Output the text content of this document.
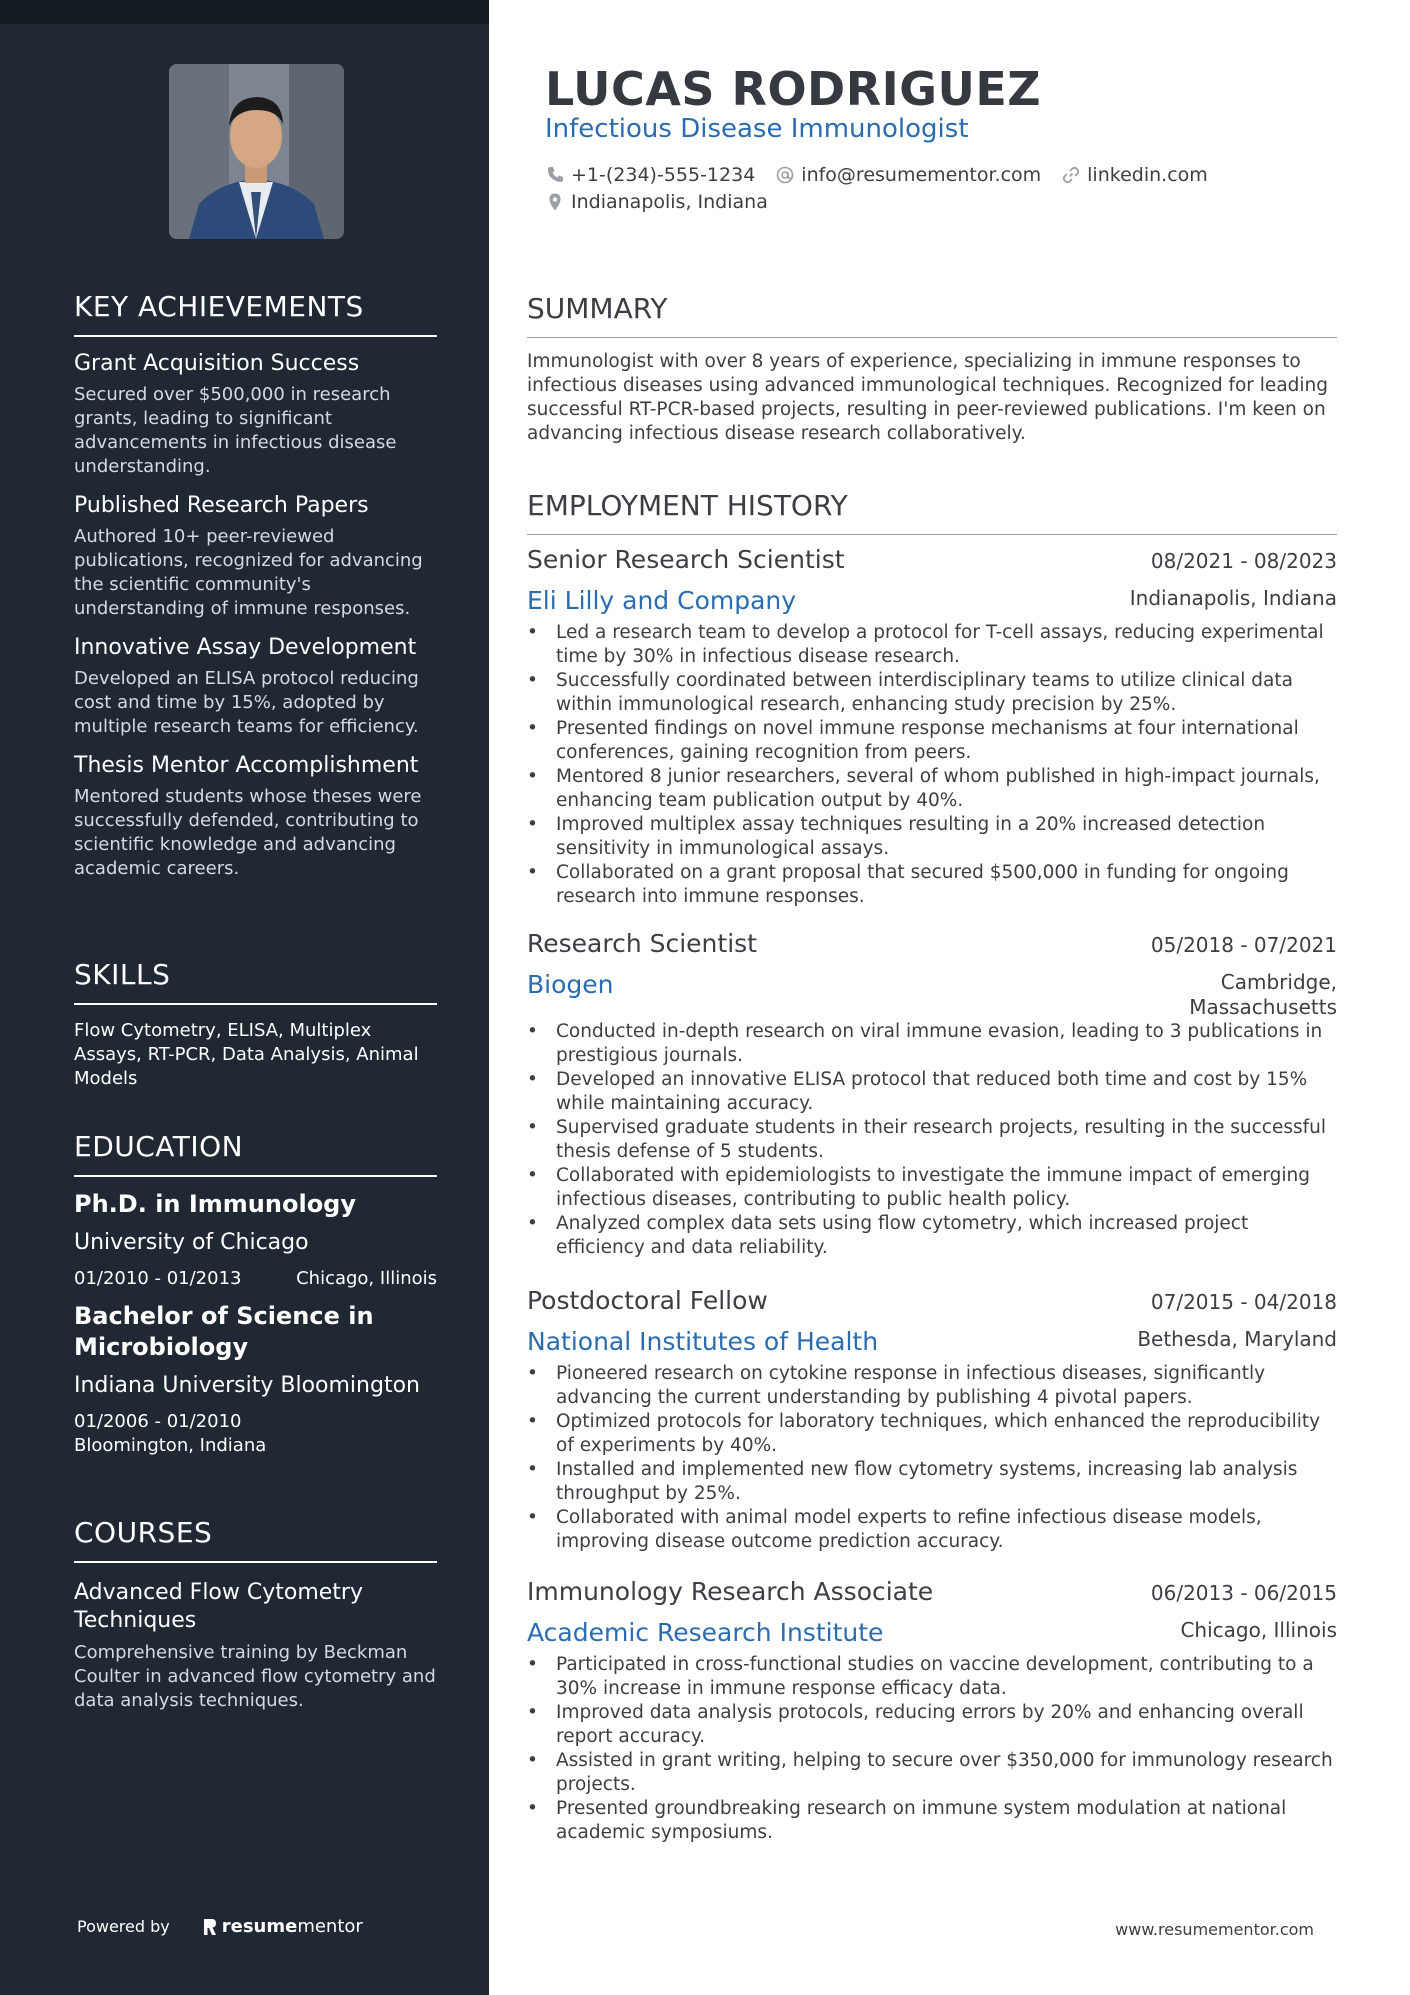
KEY ACHIEVEMENTS
Grant Acquisition Success
Secured over $500,000 in research grants, leading to significant advancements in infectious disease understanding.
Published Research Papers
Authored 10+ peer-reviewed publications, recognized for advancing the scientific community's understanding of immune responses.
Innovative Assay Development
Developed an ELISA protocol reducing cost and time by 15%, adopted by multiple research teams for efficiency.
Thesis Mentor Accomplishment
Mentored students whose theses were successfully defended, contributing to scientific knowledge and advancing academic careers.
SKILLS
Flow Cytometry, ELISA, Multiplex Assays, RT-PCR, Data Analysis, Animal Models
EDUCATION
Ph.D. in Immunology
University of Chicago
01/2010 - 01/2013	Chicago, Illinois
Bachelor of Science in Microbiology
Indiana University Bloomington
01/2006 - 01/2010
Bloomington, Indiana
COURSES
Advanced Flow Cytometry Techniques
Comprehensive training by Beckman Coulter in advanced flow cytometry and data analysis techniques.
Powered by	resume mentor
LUCAS RODRIGUEZ
Infectious Disease Immunologist
+1-(234)-555-1234 info@resumementor.com linkedin.com
Indianapolis, Indiana
SUMMARY
Immunologist with over 8 years of experience, specializing in immune responses to infectious diseases using advanced immunological techniques. Recognized for leading successful RT-PCR-based projects, resulting in peer-reviewed publications. I'm keen on advancing infectious disease research collaboratively.
EMPLOYMENT HISTORY
Senior Research Scientist	08/2021 - 08/2023
Eli Lilly and Company	Indianapolis, Indiana
• Led a research team to develop a protocol for T-cell assays, reducing experimental time by 30% in infectious disease research.
• Successfully coordinated between interdisciplinary teams to utilize clinical data within immunological research, enhancing study precision by 25%.
• Presented findings on novel immune response mechanisms at four international conferences, gaining recognition from peers.
• Mentored 8 junior researchers, several of whom published in high-impact journals, enhancing team publication output by 40%.
• Improved multiplex assay techniques resulting in a 20% increased detection sensitivity in immunological assays.
• Collaborated on a grant proposal that secured $500,000 in funding for ongoing research into immune responses.
Research Scientist	05/2018 - 07/2021
Biogen	Cambridge, Massachusetts
• Conducted in-depth research on viral immune evasion, leading to 3 publications in prestigious journals.
• Developed an innovative ELISA protocol that reduced both time and cost by 15% while maintaining accuracy.
• Supervised graduate students in their research projects, resulting in the successful thesis defense of 5 students.
• Collaborated with epidemiologists to investigate the immune impact of emerging infectious diseases, contributing to public health policy.
• Analyzed complex data sets using flow cytometry, which increased project efficiency and data reliability.
Postdoctoral Fellow	07/2015 - 04/2018
National Institutes of Health	Bethesda, Maryland
• Pioneered research on cytokine response in infectious diseases, significantly advancing the current understanding by publishing 4 pivotal papers.
• Optimized protocols for laboratory techniques, which enhanced the reproducibility of experiments by 40%.
• Installed and implemented new flow cytometry systems, increasing lab analysis throughput by 25%.
• Collaborated with animal model experts to refine infectious disease models, improving disease outcome prediction accuracy.
Immunology Research Associate	06/2013 - 06/2015
Academic Research Institute	Chicago, Illinois
• Participated in cross-functional studies on vaccine development, contributing to a 30% increase in immune response efficacy data.
• Improved data analysis protocols, reducing errors by 20% and enhancing overall report accuracy.
• Assisted in grant writing, helping to secure over $350,000 for immunology research projects.
• Presented groundbreaking research on immune system modulation at national academic symposiums.
www.resumementor.com
